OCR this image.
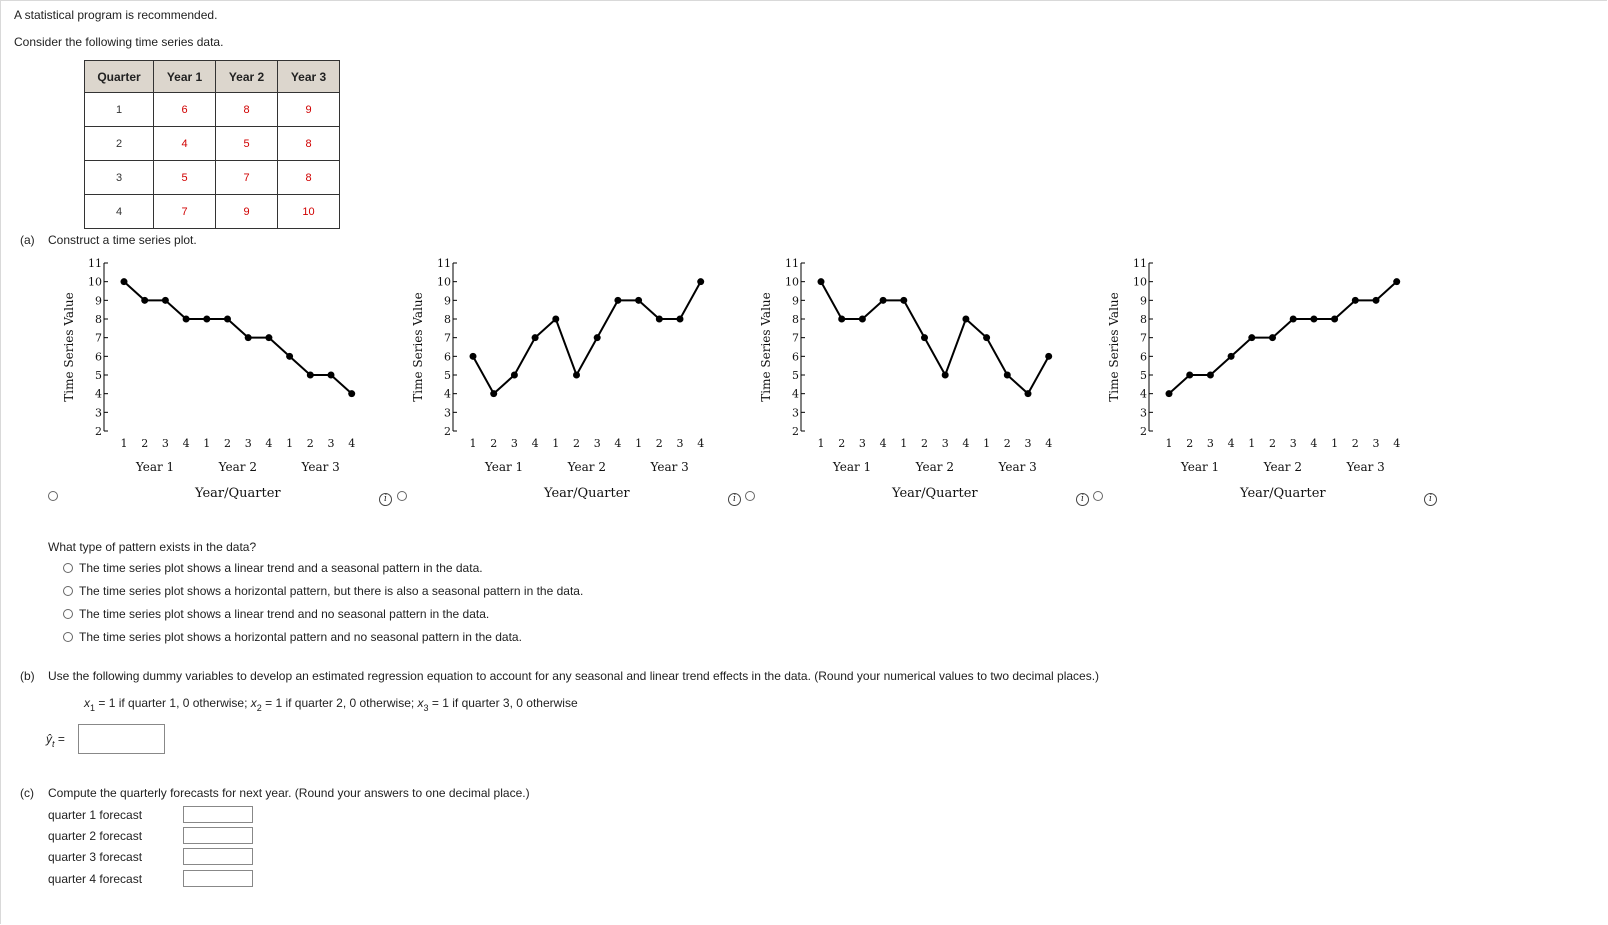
A statistical program is recommended.
Consider the following time series data.
Quarter	Year 1	Year 2	Year 3
1	6	8	9
2	4	5	8
3	5	7	8
4	7	9	10
(a) Construct a time series plot.
2
3
4
5
6
7
8
9
10
11
Time Series Value
1 2 3 4 1 2 3 4 1 2 3 4
Year 1	Year 2	Year 3
Year/Quarter
2
3
4
5
6
7
8
9
10
11
Time Series Value
1 2 3 4 1 2 3 4 1 2 3 4
Year 1	Year 2	Year 3
Year/Quarter
2
3
4
5
6
7
8
9
10
11
Time Series Value
1 2 3 4 1 2 3 4 1 2 3 4
Year 1	Year 2	Year 3
Year/Quarter
2
3
4
5
6
7
8
9
10
11
Time Series Value
1 2 3 4 1 2 3 4 1 2 3 4
Year 1	Year 2	Year 3
Year/Quarter
i	i	i	i
What type of pattern exists in the data?
The time series plot shows a linear trend and a seasonal pattern in the data.
The time series plot shows a horizontal pattern, but there is also a seasonal pattern in the data.
The time series plot shows a linear trend and no seasonal pattern in the data.
The time series plot shows a horizontal pattern and no seasonal pattern in the data.
(b) Use the following dummy variables to develop an estimated regression equation to account for any seasonal and linear trend effects in the data. (Round your numerical values to two decimal places.)
$x_1 = 1$ if quarter 1, 0 otherwise; $x_2 = 1$ if quarter 2, 0 otherwise; $x_3 = 1$ if quarter 3, 0 otherwise
$ŷ_t$ =
(c) Compute the quarterly forecasts for next year. (Round your answers to one decimal place.)
quarter 1 forecast
quarter 2 forecast
quarter 3 forecast
quarter 4 forecast
